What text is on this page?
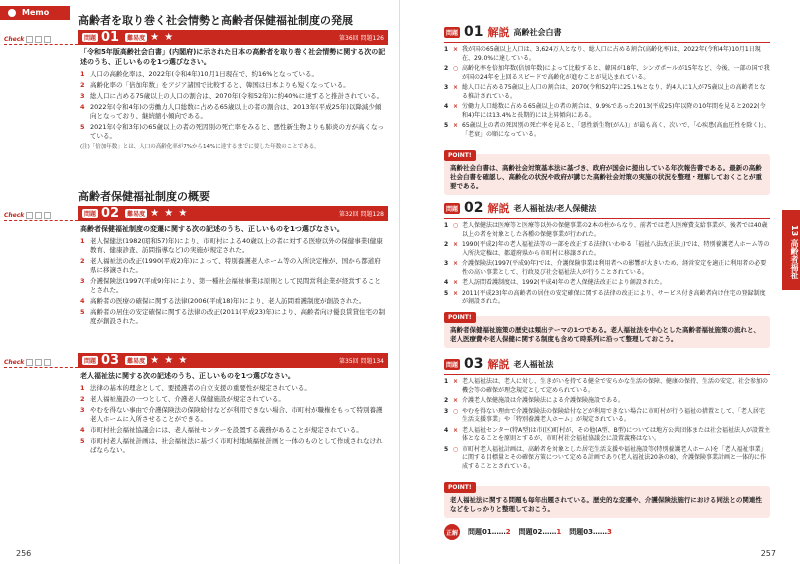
Memo
高齢者を取り巻く社会情勢と高齢者保健福祉制度の発展
Check	問題 01	難易度 ★ ★	第36回 問題126
「令和5年版高齢社会白書」(内閣府)に示された日本の高齢者を取り巻く社会情勢に関する次の記述のうち、正しいものを1つ選びなさい。
1 人口の高齢化率は、2022年(令和4年)10月1日現在で、約16%となっている。
2 高齢化率の「倍加年数」をアジア諸国で比較すると、韓国は日本よりも短くなっている。
3 総人口に占める75歳以上の人口の割合は、2070年(令和52年)に約40%に達すると推計されている。
4 2022年(令和4年)の労働力人口総数に占める65歳以上の者の割合は、2013年(平成25年)以降減少傾向となっており、継続縮小傾向である。
5 2021年(令和3年)の65歳以上の者の死因別の死亡率をみると、悪性新生物よりも肺炎の方が高くなっている。
(注)「倍加年数」とは、人口の高齢化率が7%から14%に達するまでに要した年数のことである。
高齢者保健福祉制度の概要
Check	問題 02	難易度 ★ ★ ★	第32回 問題128
高齢者保健福祉制度の変遷に関する次の記述のうち、正しいものを1つ選びなさい。
1 老人保健法(1982(昭和57)年)により、市町村による40歳以上の者に対する医療以外の保健事業(健康教育、健康診査、訪問指導など)の実施が規定された。
2 老人福祉法の改正(1990(平成2)年)によって、特別養護老人ホーム等の入所決定権が、国から都道府県に移譲された。
3 介護保険法(1997(平成9)年)により、第一種社会福祉事業は原則として民間営利企業が経営することとされた。
4 高齢者の医療の確保に関する法律(2006(平成18)年)により、老人訪問看護制度が創設された。
5 高齢者の居住の安定確保に関する法律の改正(2011(平成23)年)により、高齢者向け優良賃貸住宅の制度が創設された。
Check	問題 03	難易度 ★ ★ ★	第35回 問題134
老人福祉法に関する次の記述のうち、正しいものを1つ選びなさい。
1 法律の基本的理念として、要援護者の自立支援の重要性が規定されている。
2 老人福祉施設の一つとして、介護老人保健施設が規定されている。
3 やむを得ない事由で介護保険法の保険給付などが利用できない場合、市町村が職権をもって特別養護老人ホームに入所させることができる。
4 市町村社会福祉協議会には、老人福祉センターを設置する義務があることが規定されている。
5 市町村老人福祉計画は、社会福祉法に基づく市町村地域福祉計画と一体のものとして作成されなければならない。
256
13 高齢者福祉
問題 01 解説 高齢社会白書
1 × 我が国の65歳以上人口は、3,624万人となり、総人口に占める割合(高齢化率)は、2022年(令和4年)10月1日現在、29.0%に達している。
2 ○ 高齢化率を倍加年数(倍加年数)によって比較すると、韓国が18年、シンガポールが15年など、今後、一部の国で我が国の24年を上回るスピードで高齢化が進むことが見込まれている。
3 × 総人口に占める75歳以上人口の割合は、2070(令和52)年に25.1%となり、約4人に1人が75歳以上の高齢者となる推計されている。
4 × 労働力人口総数に占める65歳以上の者の割合は、9.9%であった2013(平成25)年以降の10年間を見ると2022(令和4)年には13.4%と長期的には上昇傾向にある。
5 × 65歳以上の者の死因別の死亡率を見ると、「悪性新生物(がん)」が最も高く、次いで、「心疾患(高血圧性を除く)」、「老衰」の順になっている。
POINT!
高齢社会白書は、高齢社会対策基本法に基づき、政府が国会に提出している年次報告書である。最新の高齢社会白書を確認し、高齢化の状況や政府が講じた高齢社会対策の実施の状況を整理・理解しておくことが重要である。
問題 02 解説 老人福祉法/老人保健法
1 ○ 老人保健法は医療等と医療等以外の保健事業の2本の柱からなり、前者では老人医療費支給事業が、後者では40歳以上の者を対象とした各種の保健事業が行われた。
2 × 1990(平成2)年の老人福祉法等の一部を改正する法律(いわゆる「福祉八法改正法」)では、特別養護老人ホーム等の入所決定権は、都道府県から市町村に移譲された。
3 × 介護保険法(1997(平成9)年)では、介護保険事業は利用者への影響が大きいため、経営安定を適正に利用者の必要性の高い事業として、行政及び社会福祉法人が行うことされている。
4 × 老人訪問看護制度は、1992(平成4)年の老人保健法改正により創設された。
5 × 2011(平成23)年の高齢者の居住の安定確保に関する法律の改正により、サービス付き高齢者向け住宅の登録制度が創設された。
POINT!
高齢者保健福祉施策の歴史は頻出テーマの1つである。老人福祉法を中心とした高齢者福祉施策の流れと、老人医療費や老人保健に関する制度も含めて時系列に沿って整理しておこう。
問題 03 解説 老人福祉法
1 × 老人福祉法は、老人に対し、生きがいを持てる健全で安らかな生活の保障、健康の保持、生活の安定、社会参加の機会等の確保が理念規定として定められている。
2 × 介護老人保健施設は介護保険法による介護保険施設である。
3 ○ やむを得ない理由で介護保険法の保険給付などが利用できない場合に市町村が行う福祉の措置として、「老人居宅生活支援事業」や「特別養護老人ホーム」が規定されている。
4 × 老人福祉センター(特A型)は市(区)町村が、その他(A型、B型)については地方公共団体または社会福祉法人が設置主体となることを原則とするが、市町村社会福祉協議会に設置義務はない。
5 ○ 市町村老人福祉計画は、高齢者を対象とした居宅生活支援や福祉施設等(特別養護老人ホーム)を「老人福祉事業」に関する目標量とその確保方策について定める計画であり(老人福祉法20条の8)、介護保険事業計画と一体的に作成することとされている。
POINT!
老人福祉法に関する問題も毎年出題されている。歴史的な変遷や、介護保険法施行における同法との関連性などをしっかりと整理しておこう。
正解 問題01……2 問題02……1 問題03……3
257
